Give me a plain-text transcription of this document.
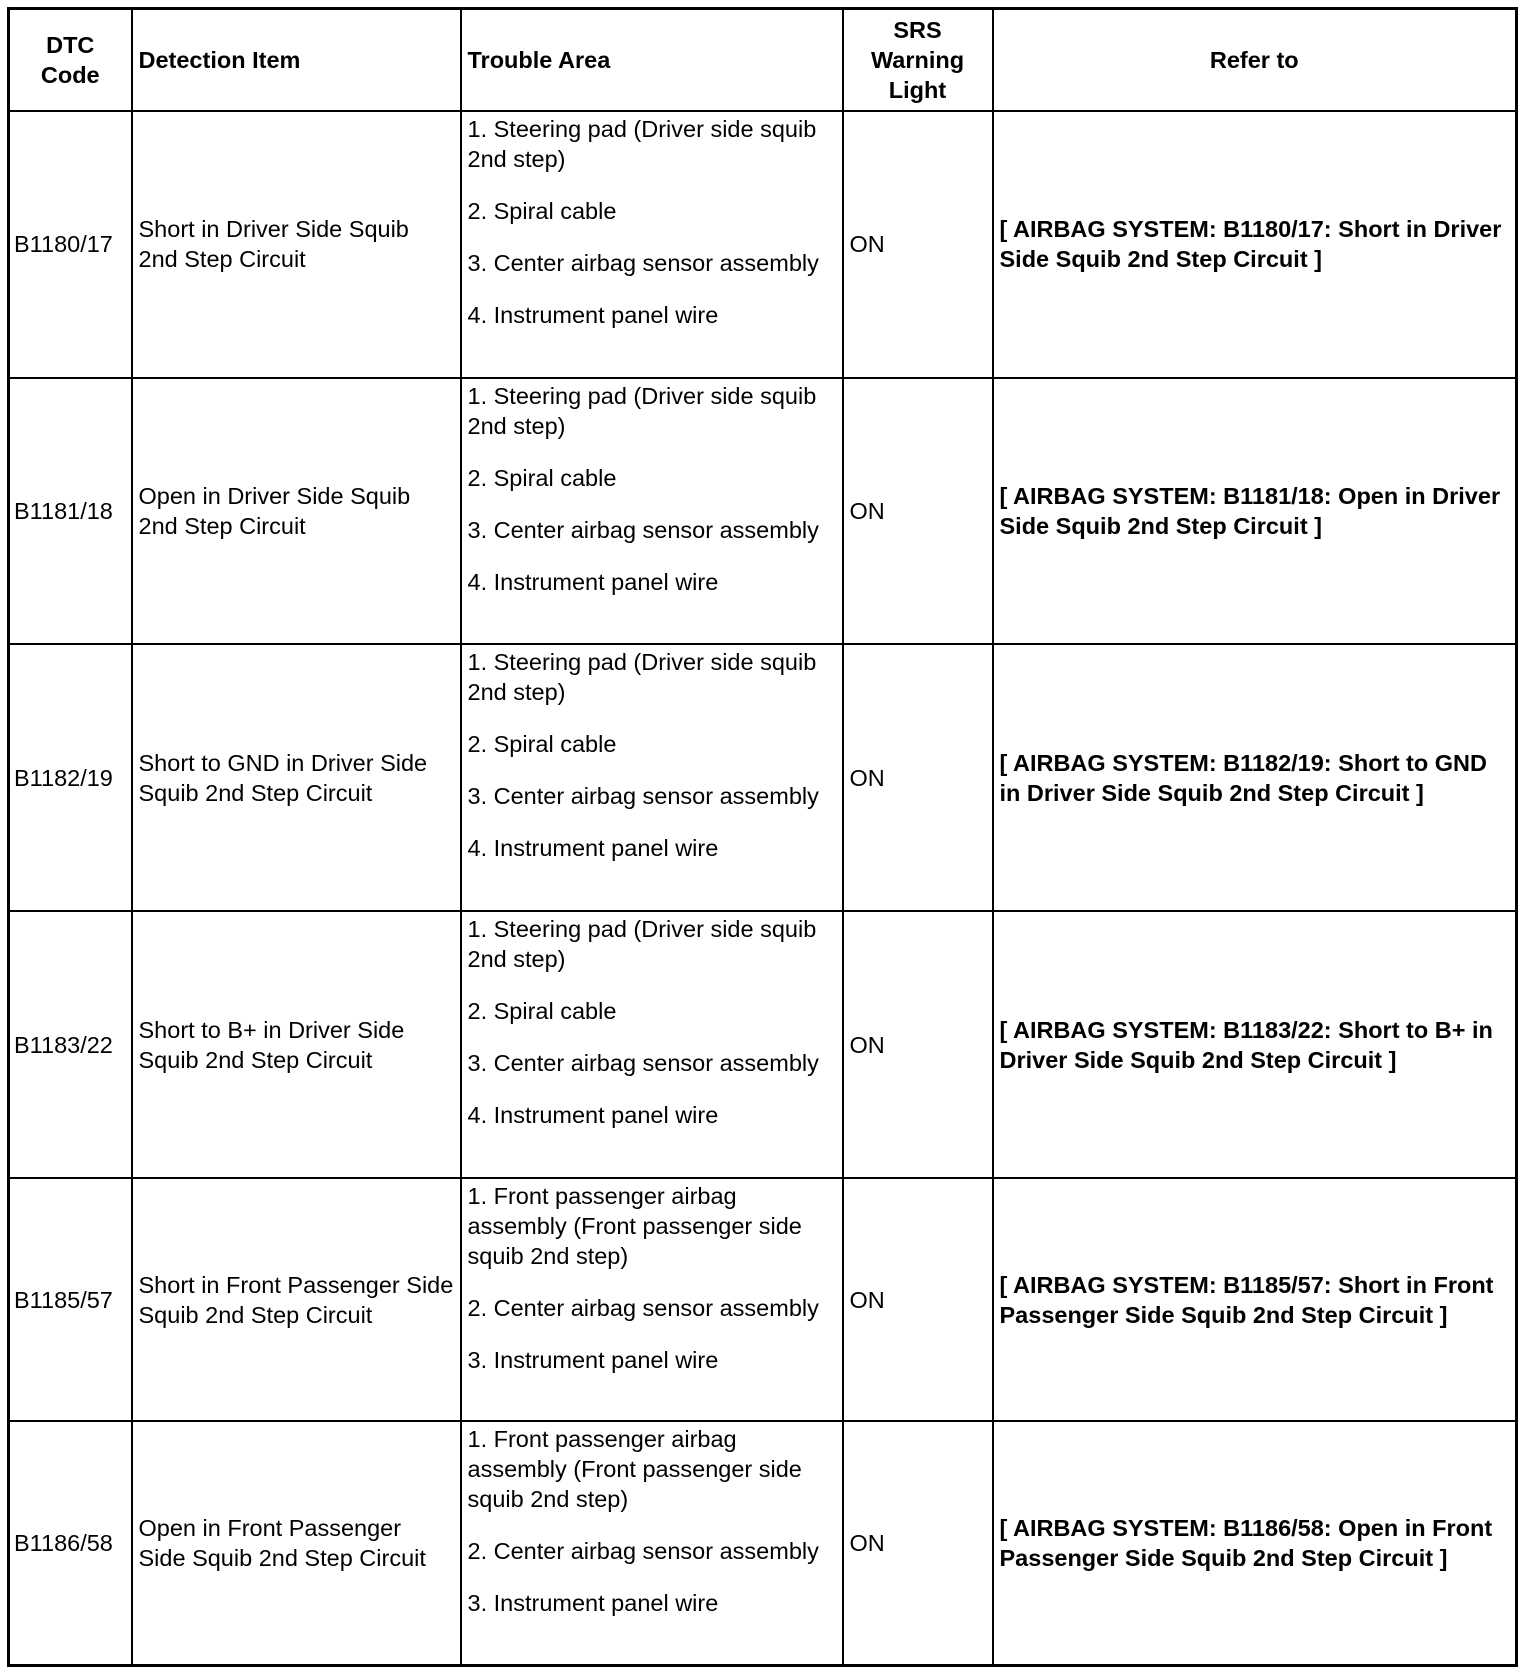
DTC Code	Detection Item	Trouble Area	SRS Warning Light	Refer to
B1180/17	Short in Driver Side Squib 2nd Step Circuit	1. Steering pad (Driver side squib 2nd step)
2. Spiral cable
3. Center airbag sensor assembly
4. Instrument panel wire	ON	[ AIRBAG SYSTEM: B1180/17: Short in Driver Side Squib 2nd Step Circuit ]
B1181/18	Open in Driver Side Squib 2nd Step Circuit	1. Steering pad (Driver side squib 2nd step)
2. Spiral cable
3. Center airbag sensor assembly
4. Instrument panel wire	ON	[ AIRBAG SYSTEM: B1181/18: Open in Driver Side Squib 2nd Step Circuit ]
B1182/19	Short to GND in Driver Side Squib 2nd Step Circuit	1. Steering pad (Driver side squib 2nd step)
2. Spiral cable
3. Center airbag sensor assembly
4. Instrument panel wire	ON	[ AIRBAG SYSTEM: B1182/19: Short to GND in Driver Side Squib 2nd Step Circuit ]
B1183/22	Short to B+ in Driver Side Squib 2nd Step Circuit	1. Steering pad (Driver side squib 2nd step)
2. Spiral cable
3. Center airbag sensor assembly
4. Instrument panel wire	ON	[ AIRBAG SYSTEM: B1183/22: Short to B+ in Driver Side Squib 2nd Step Circuit ]
B1185/57	Short in Front Passenger Side Squib 2nd Step Circuit	1. Front passenger airbag assembly (Front passenger side squib 2nd step)
2. Center airbag sensor assembly
3. Instrument panel wire	ON	[ AIRBAG SYSTEM: B1185/57: Short in Front Passenger Side Squib 2nd Step Circuit ]
B1186/58	Open in Front Passenger Side Squib 2nd Step Circuit	1. Front passenger airbag assembly (Front passenger side squib 2nd step)
2. Center airbag sensor assembly
3. Instrument panel wire	ON	[ AIRBAG SYSTEM: B1186/58: Open in Front Passenger Side Squib 2nd Step Circuit ]
